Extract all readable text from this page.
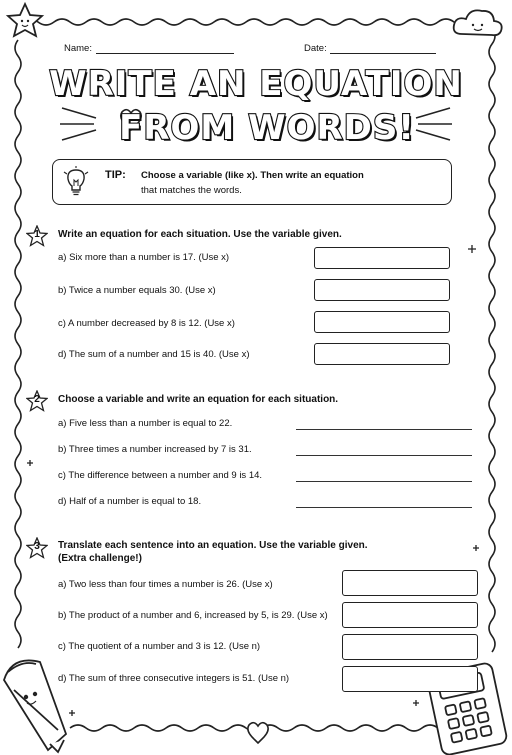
Name:	Date:
WRITE AN EQUATION
FROM WORDS!
TIP: Choose a variable (like x). Then write an equation
that matches the words.
1	Write an equation for each situation. Use the variable given.
a) Six more than a number is 17. (Use x)
b) Twice a number equals 30. (Use x)
c) A number decreased by 8 is 12. (Use x)
d) The sum of a number and 15 is 40. (Use x)
2	Choose a variable and write an equation for each situation.
a) Five less than a number is equal to 22.
b) Three times a number increased by 7 is 31.
c) The difference between a number and 9 is 14.
d) Half of a number is equal to 18.
3	Translate each sentence into an equation. Use the variable given.
(Extra challenge!)
a) Two less than four times a number is 26. (Use x)
b) The product of a number and 6, increased by 5, is 29. (Use x)
c) The quotient of a number and 3 is 12. (Use n)
d) The sum of three consecutive integers is 51. (Use n)
